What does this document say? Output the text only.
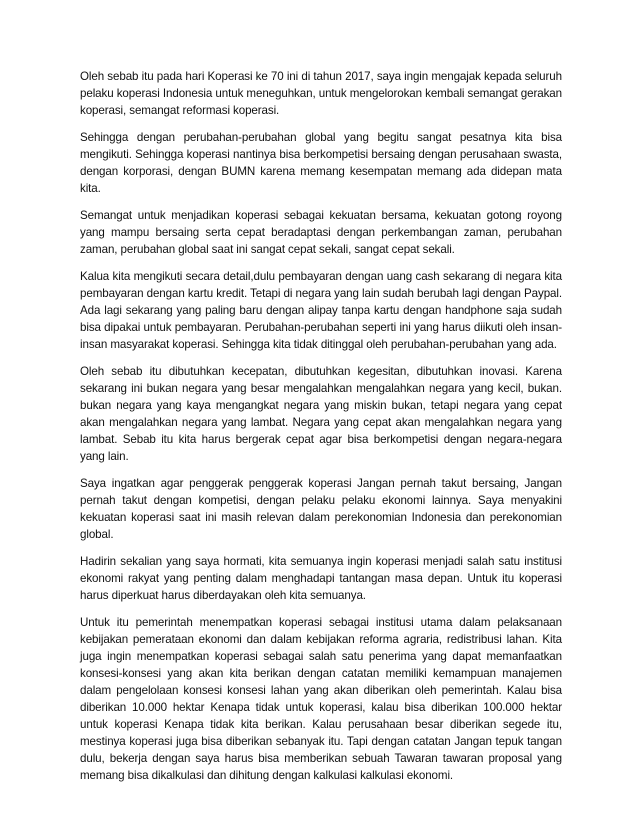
Oleh sebab itu pada hari Koperasi ke 70 ini di tahun 2017, saya ingin mengajak kepada seluruh pelaku koperasi Indonesia untuk meneguhkan, untuk mengelorokan kembali semangat gerakan koperasi, semangat reformasi koperasi.

Sehingga dengan perubahan-perubahan global yang begitu sangat pesatnya kita bisa mengikuti. Sehingga koperasi nantinya bisa berkompetisi bersaing dengan perusahaan swasta, dengan korporasi, dengan BUMN karena memang kesempatan memang ada didepan mata kita.

Semangat untuk menjadikan koperasi sebagai kekuatan bersama, kekuatan gotong royong yang mampu bersaing serta cepat beradaptasi dengan perkembangan zaman, perubahan zaman, perubahan global saat ini sangat cepat sekali, sangat cepat sekali.

Kalua kita mengikuti secara detail,dulu pembayaran dengan uang cash sekarang di negara kita pembayaran dengan kartu kredit. Tetapi di negara yang lain sudah berubah lagi dengan Paypal. Ada lagi sekarang yang paling baru dengan alipay tanpa kartu dengan handphone saja sudah bisa dipakai untuk pembayaran. Perubahan-perubahan seperti ini yang harus diikuti oleh insan-insan masyarakat koperasi. Sehingga kita tidak ditinggal oleh perubahan-perubahan yang ada.

Oleh sebab itu dibutuhkan kecepatan, dibutuhkan kegesitan, dibutuhkan inovasi. Karena sekarang ini bukan negara yang besar mengalahkan mengalahkan negara yang kecil, bukan. bukan negara yang kaya mengangkat negara yang miskin bukan, tetapi negara yang cepat akan mengalahkan negara yang lambat. Negara yang cepat akan mengalahkan negara yang lambat. Sebab itu kita harus bergerak cepat agar bisa berkompetisi dengan negara-negara yang lain.

Saya ingatkan agar penggerak penggerak koperasi Jangan pernah takut bersaing, Jangan pernah takut dengan kompetisi, dengan pelaku pelaku ekonomi lainnya. Saya menyakini kekuatan koperasi saat ini masih relevan dalam perekonomian Indonesia dan perekonomian global.

Hadirin sekalian yang saya hormati, kita semuanya ingin koperasi menjadi salah satu institusi ekonomi rakyat yang penting dalam menghadapi tantangan masa depan. Untuk itu koperasi harus diperkuat harus diberdayakan oleh kita semuanya.

Untuk itu pemerintah menempatkan koperasi sebagai institusi utama dalam pelaksanaan kebijakan pemerataan ekonomi dan dalam kebijakan reforma agraria, redistribusi lahan. Kita juga ingin menempatkan koperasi sebagai salah satu penerima yang dapat memanfaatkan konsesi-konsesi yang akan kita berikan dengan catatan memiliki kemampuan manajemen dalam pengelolaan konsesi konsesi lahan yang akan diberikan oleh pemerintah. Kalau bisa diberikan 10.000 hektar Kenapa tidak untuk koperasi, kalau bisa diberikan 100.000 hektar untuk koperasi Kenapa tidak kita berikan. Kalau perusahaan besar diberikan segede itu, mestinya koperasi juga bisa diberikan sebanyak itu. Tapi dengan catatan Jangan tepuk tangan dulu, bekerja dengan saya harus bisa memberikan sebuah Tawaran tawaran proposal yang memang bisa dikalkulasi dan dihitung dengan kalkulasi kalkulasi ekonomi.
